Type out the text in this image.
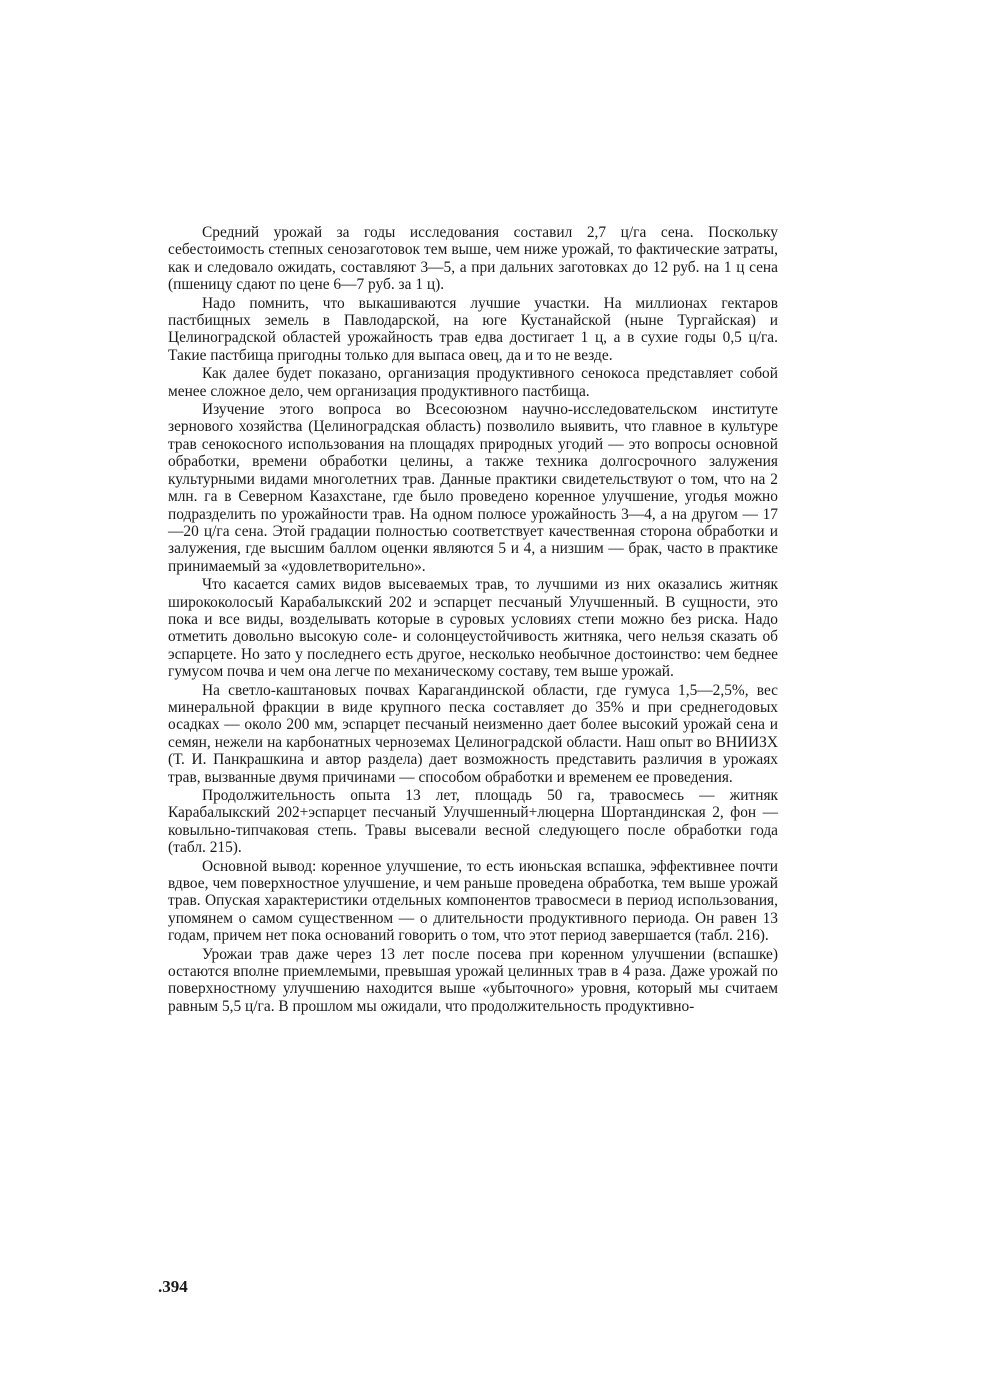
Средний урожай за годы исследования составил 2,7 ц/га сена. Поскольку себестоимость степных сенозаготовок тем выше, чем ниже урожай, то фактические затраты, как и следовало ожидать, составляют 3—5, а при дальних заготовках до 12 руб. на 1 ц сена (пшеницу сдают по цене 6—7 руб. за 1 ц).

Надо помнить, что выкашиваются лучшие участки. На миллионах гектаров пастбищных земель в Павлодарской, на юге Кустанайской (ныне Тургайская) и Целиноградской областей урожайность трав едва достигает 1 ц, а в сухие годы 0,5 ц/га. Такие пастбища пригодны только для выпаса овец, да и то не везде.

Как далее будет показано, организация продуктивного сенокоса представляет собой менее сложное дело, чем организация продуктивного пастбища.

Изучение этого вопроса во Всесоюзном научно-исследовательском институте зернового хозяйства (Целиноградская область) позволило выявить, что главное в культуре трав сенокосного использования на площадях природных угодий — это вопросы основной обработки, времени обработки целины, а также техника долгосрочного залужения культурными видами многолетних трав. Данные практики свидетельствуют о том, что на 2 млн. га в Северном Казахстане, где было проведено коренное улучшение, угодья можно подразделить по урожайности трав. На одном полюсе урожайность 3—4, а на другом — 17—20 ц/га сена. Этой градации полностью соответствует качественная сторона обработки и залужения, где высшим баллом оценки являются 5 и 4, а низшим — брак, часто в практике принимаемый за «удовлетворительно».

Что касается самих видов высеваемых трав, то лучшими из них оказались житняк ширококолосый Карабалыкский 202 и эспарцет песчаный Улучшенный. В сущности, это пока и все виды, возделывать которые в суровых условиях степи можно без риска. Надо отметить довольно высокую соле- и солонцеустойчивость житняка, чего нельзя сказать об эспарцете. Но зато у последнего есть другое, несколько необычное достоинство: чем беднее гумусом почва и чем она легче по механическому составу, тем выше урожай.

На светло-каштановых почвах Карагандинской области, где гумуса 1,5—2,5%, вес минеральной фракции в виде крупного песка составляет до 35% и при среднегодовых осадках — около 200 мм, эспарцет песчаный неизменно дает более высокий урожай сена и семян, нежели на карбонатных черноземах Целиноградской области. Наш опыт во ВНИИЗХ (Т. И. Панкрашкина и автор раздела) дает возможность представить различия в урожаях трав, вызванные двумя причинами — способом обработки и временем ее проведения.

Продолжительность опыта 13 лет, площадь 50 га, травосмесь — житняк Карабалыкский 202+эспарцет песчаный Улучшенный+люцерна Шортандинская 2, фон — ковыльно-типчаковая степь. Травы высевали весной следующего после обработки года (табл. 215).

Основной вывод: коренное улучшение, то есть июньская вспашка, эффективнее почти вдвое, чем поверхностное улучшение, и чем раньше проведена обработка, тем выше урожай трав. Опуская характеристики отдельных компонентов травосмеси в период использования, упомянем о самом существенном — о длительности продуктивного периода. Он равен 13 годам, причем нет пока оснований говорить о том, что этот период завершается (табл. 216).

Урожаи трав даже через 13 лет после посева при коренном улучшении (вспашке) остаются вполне приемлемыми, превышая урожай целинных трав в 4 раза. Даже урожай по поверхностному улучшению находится выше «убыточного» уровня, который мы считаем равным 5,5 ц/га. В прошлом мы ожидали, что продолжительность продуктивно-

.394
